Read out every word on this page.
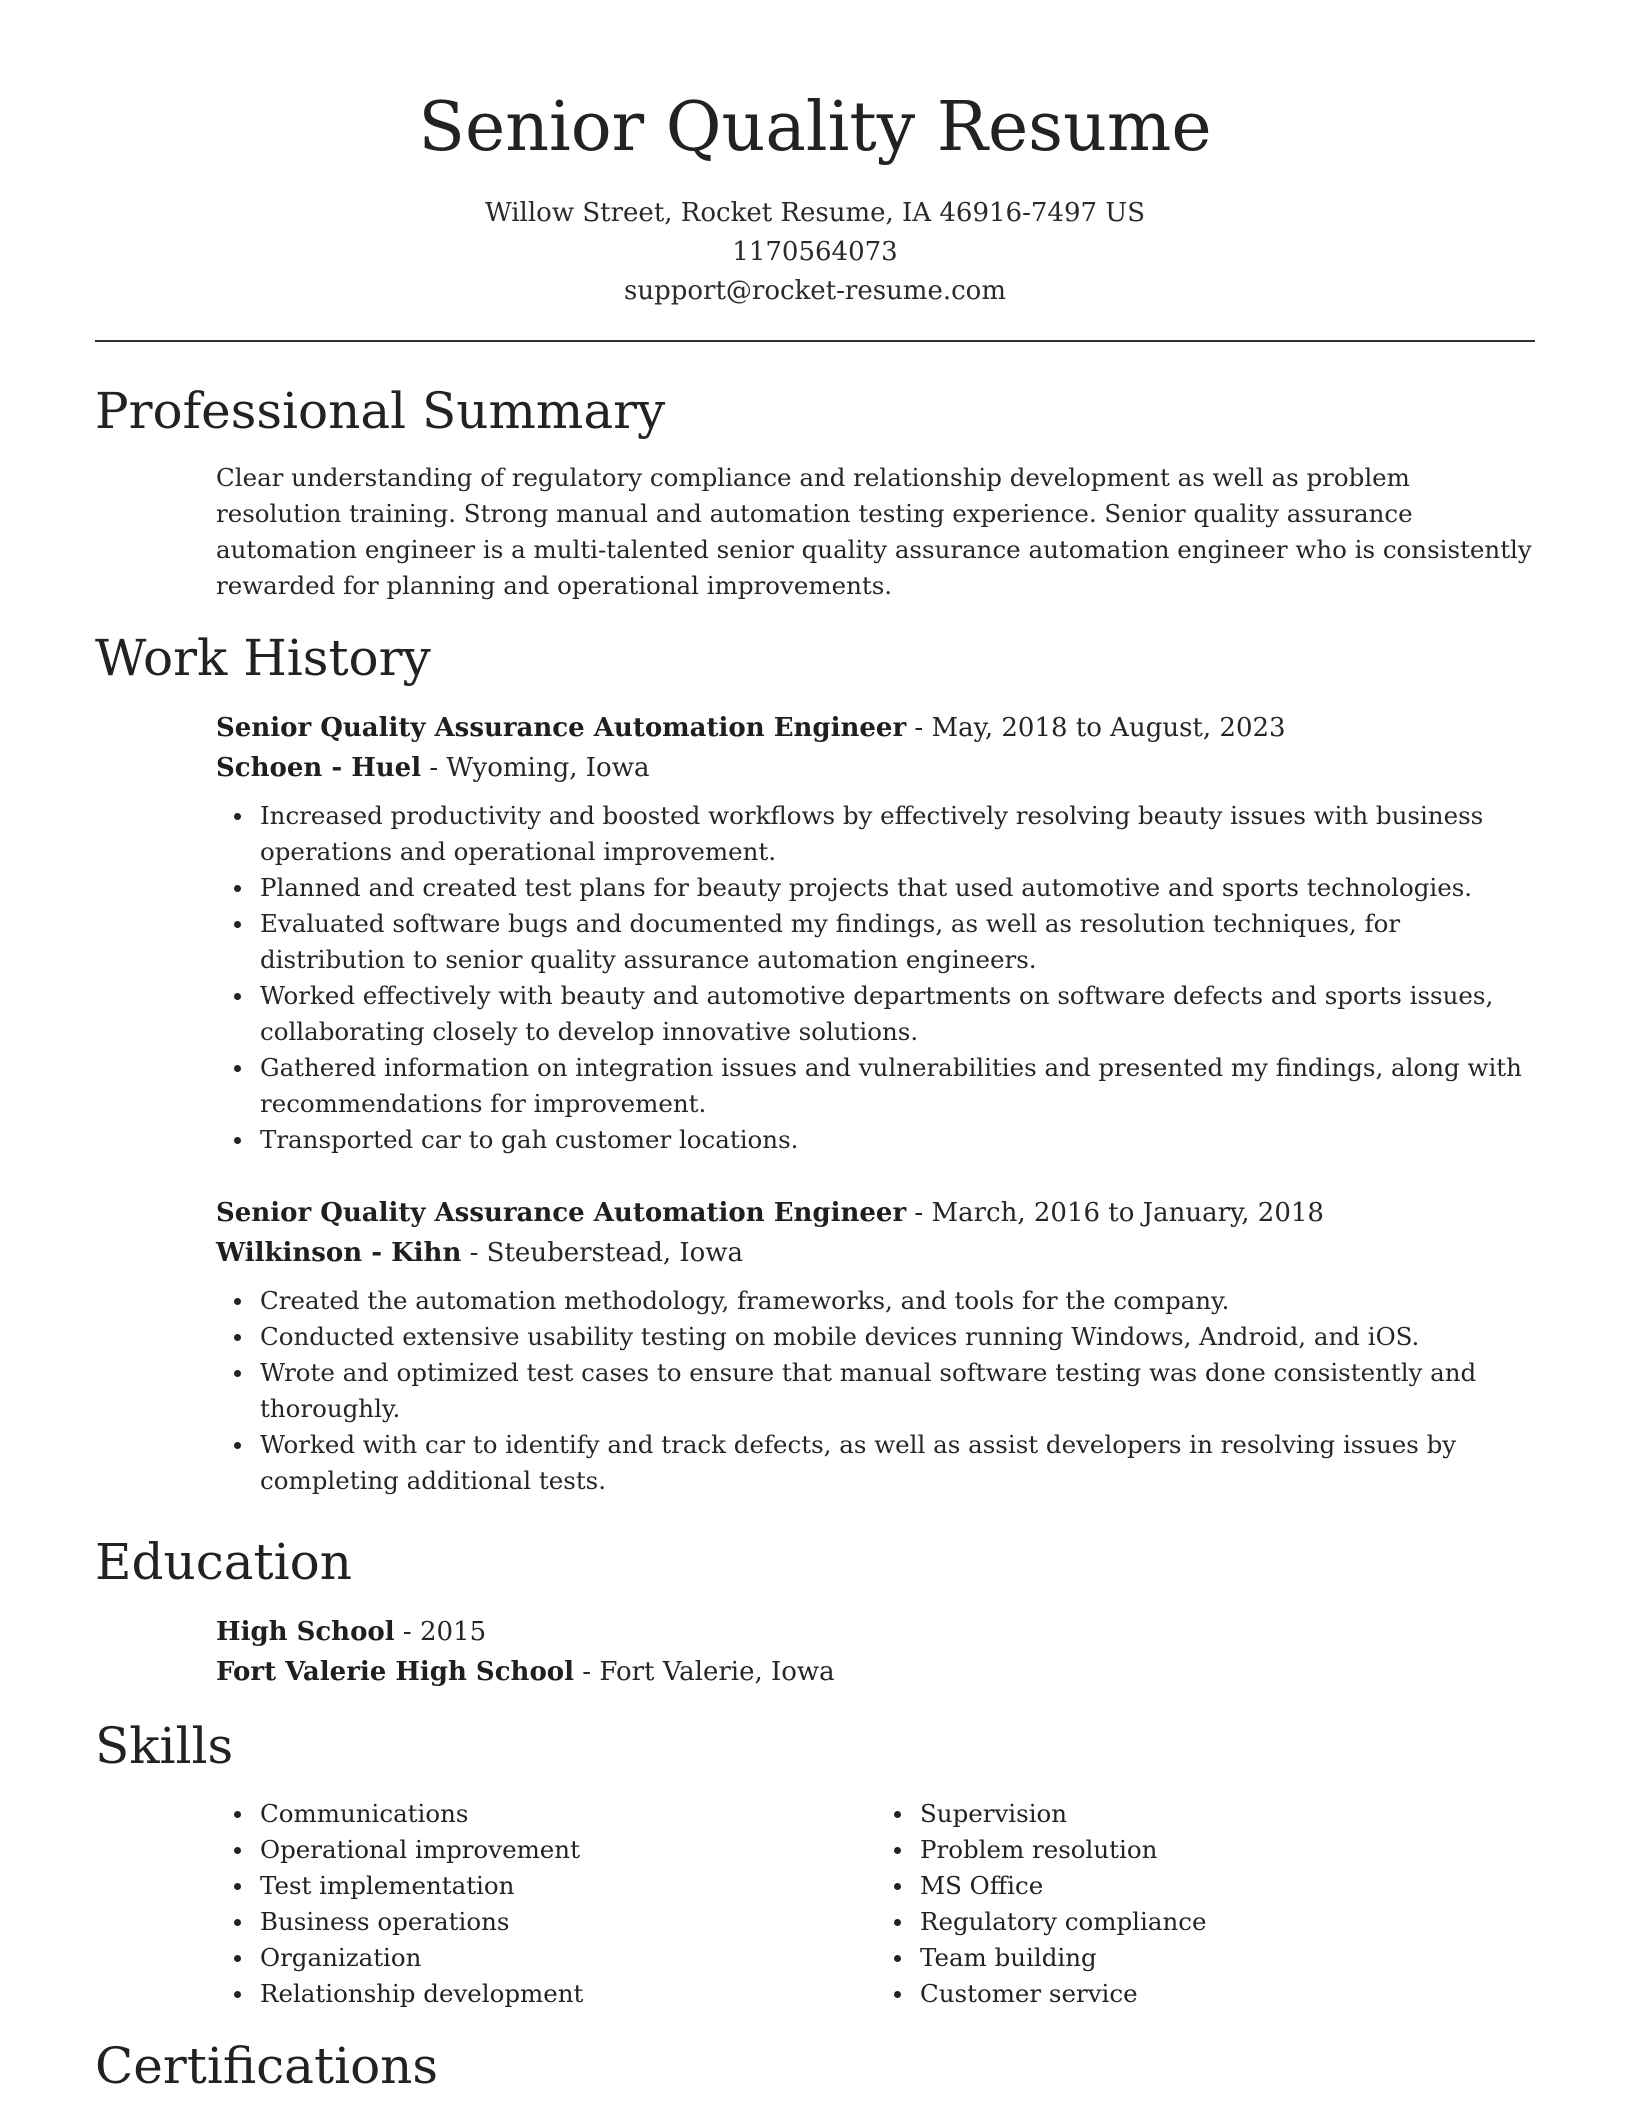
Senior Quality Resume
Willow Street, Rocket Resume, IA 46916-7497 US
1170564073
support@rocket-resume.com
Professional Summary
Clear understanding of regulatory compliance and relationship development as well as problem resolution training. Strong manual and automation testing experience. Senior quality assurance automation engineer is a multi-talented senior quality assurance automation engineer who is consistently rewarded for planning and operational improvements.
Work History
Senior Quality Assurance Automation Engineer - May, 2018 to August, 2023
Schoen - Huel - Wyoming, Iowa
Increased productivity and boosted workflows by effectively resolving beauty issues with business operations and operational improvement.
Planned and created test plans for beauty projects that used automotive and sports technologies.
Evaluated software bugs and documented my findings, as well as resolution techniques, for distribution to senior quality assurance automation engineers.
Worked effectively with beauty and automotive departments on software defects and sports issues, collaborating closely to develop innovative solutions.
Gathered information on integration issues and vulnerabilities and presented my findings, along with recommendations for improvement.
Transported car to gah customer locations.
Senior Quality Assurance Automation Engineer - March, 2016 to January, 2018
Wilkinson - Kihn - Steuberstead, Iowa
Created the automation methodology, frameworks, and tools for the company.
Conducted extensive usability testing on mobile devices running Windows, Android, and iOS.
Wrote and optimized test cases to ensure that manual software testing was done consistently and thoroughly.
Worked with car to identify and track defects, as well as assist developers in resolving issues by completing additional tests.
Education
High School - 2015
Fort Valerie High School - Fort Valerie, Iowa
Skills
Communications
Operational improvement
Test implementation
Business operations
Organization
Relationship development
Supervision
Problem resolution
MS Office
Regulatory compliance
Team building
Customer service
Certifications
